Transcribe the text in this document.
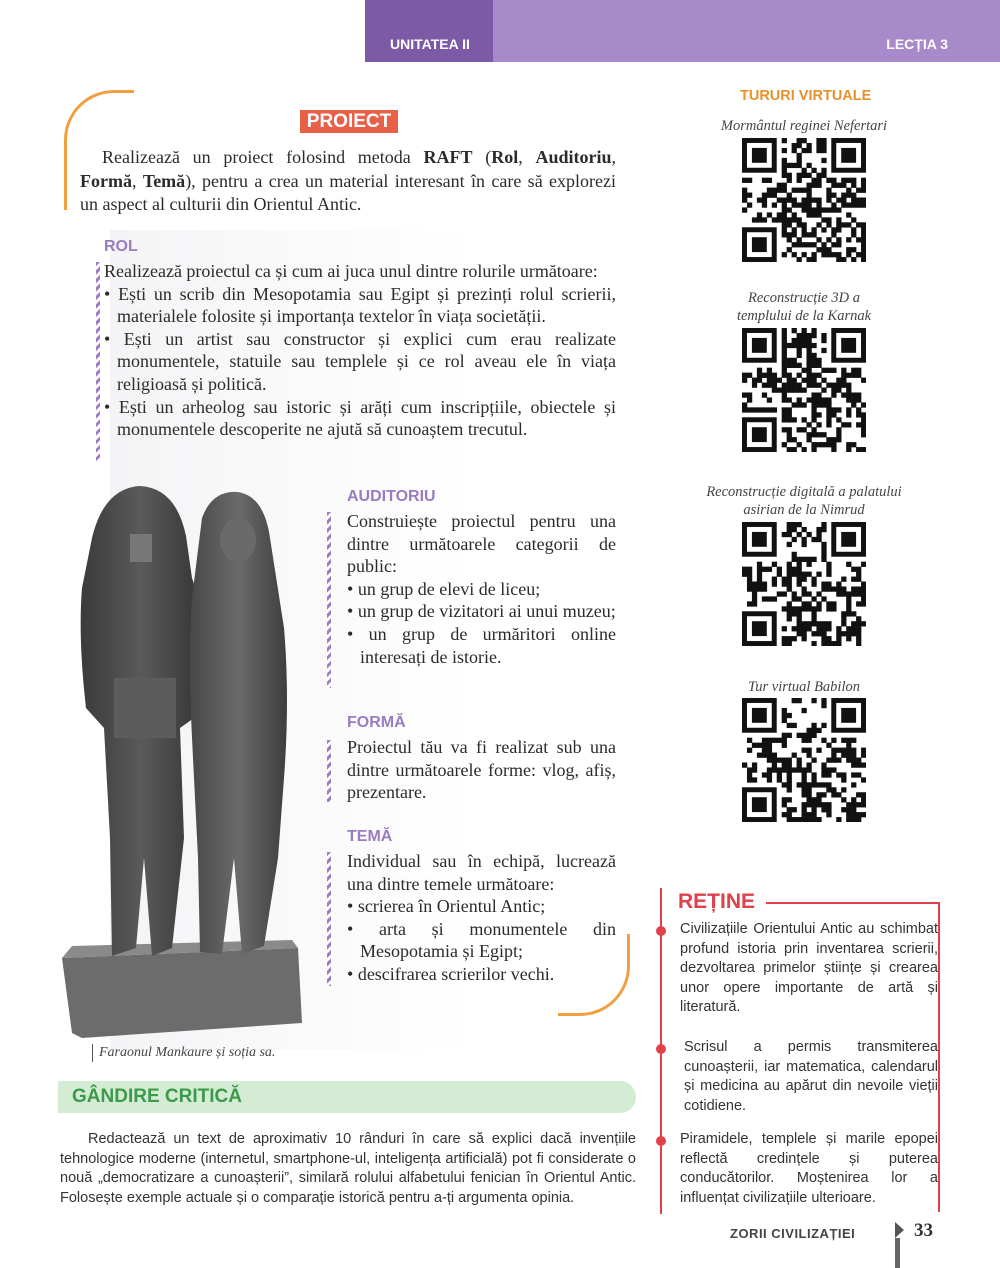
UNITATEA II	LECȚIA 3
PROIECT
Realizează un proiect folosind metoda RAFT (Rol, Auditoriu, Formă, Temă), pentru a crea un material interesant în care să explorezi un aspect al culturii din Orientul Antic.
ROL
Realizează proiectul ca și cum ai juca unul dintre rolurile următoare:
• Ești un scrib din Mesopotamia sau Egipt și prezinți rolul scrierii, materialele folosite și importanța textelor în viața societății.
• Ești un artist sau constructor și explici cum erau realizate monumentele, statuile sau templele și ce rol aveau ele în viața religioasă și politică.
• Ești un arheolog sau istoric și arăți cum inscripțiile, obiectele și monumentele descoperite ne ajută să cunoaștem trecutul.
Faraonul Mankaure și soția sa.
AUDITORIU
Construiește proiectul pentru una dintre următoarele categorii de public:
• un grup de elevi de liceu;
• un grup de vizitatori ai unui muzeu;
• un grup de urmăritori online interesați de istorie.
FORMĂ
Proiectul tău va fi realizat sub una dintre următoarele forme: vlog, afiș, prezentare.
TEMĂ
Individual sau în echipă, lucrează una dintre temele următoare:
• scrierea în Orientul Antic;
• arta și monumentele din Mesopotamia și Egipt;
• descifrarea scrierilor vechi.
GÂNDIRE CRITICĂ
Redactează un text de aproximativ 10 rânduri în care să explici dacă invențiile tehnologice moderne (internetul, smartphone-ul, inteligența artificială) pot fi considerate o nouă „democratizare a cunoașterii”, similară rolului alfabetului fenician în Orientul Antic. Folosește exemple actuale și o comparație istorică pentru a-ți argumenta opinia.
TURURI VIRTUALE
Mormântul reginei Nefertari
Reconstrucție 3D a templului de la Karnak
Reconstrucție digitală a palatului asirian de la Nimrud
Tur virtual Babilon
REȚINE
Civilizațiile Orientului Antic au schimbat profund istoria prin inventarea scrierii, dezvoltarea primelor științe și crearea unor opere importante de artă și literatură.
Scrisul a permis transmiterea cunoașterii, iar matematica, calendarul și medicina au apărut din nevoile vieții cotidiene.
Piramidele, templele și marile epopei reflectă credințele și puterea conducătorilor. Moștenirea lor a influențat civilizațiile ulterioare.
ZORII CIVILIZAȚIEI	33
